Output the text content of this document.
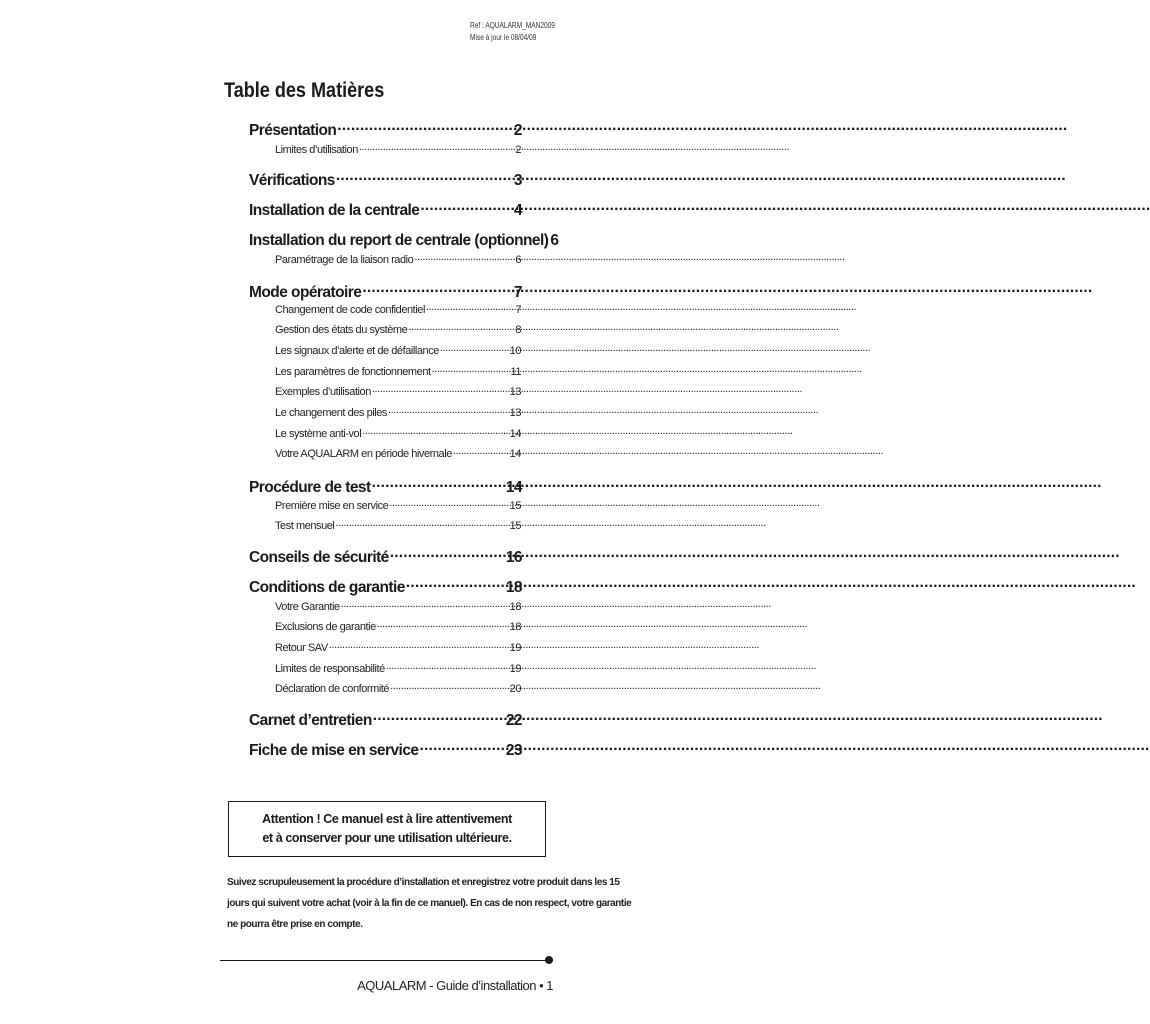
Ref : AQUALARM_MAN2009
Mise à jour le 08/04/09
Table des Matières
Présentation .....	2
Limites d’utilisation .....	2
Vérifications .....	3
Installation de la centrale .....	4
Installation du report de centrale (optionnel) 6
Paramétrage de la liaison radio .....	6
Mode opératoire .....	7
Changement de code confidentiel .....	7
Gestion des états du système .....	8
Les signaux d’alerte et de défaillance .....	10
Les paramètres de fonctionnement .....	11
Exemples d’utilisation .....	13
Le changement des piles .....	13
Le système anti-vol .....	14
Votre AQUALARM en période hivernale .....	14
Procédure de test .....	14
Première mise en service .....	15
Test mensuel .....	15
Conseils de sécurité .....	16
Conditions de garantie .....	18
Votre Garantie .....	18
Exclusions de garantie .....	18
Retour SAV .....	19
Limites de responsabilité .....	19
Déclaration de conformité .....	20
Carnet d’entretien .....	22
Fiche de mise en service .....	23
Attention ! Ce manuel est à lire attentivement
et à conserver pour une utilisation ultérieure.
Suivez scrupuleusement la procédure d’installation et enregistrez votre produit dans les 15
jours qui suivent votre achat (voir à la fin de ce manuel). En cas de non respect, votre garantie
ne pourra être prise en compte.
AQUALARM - Guide d’installation • 1
